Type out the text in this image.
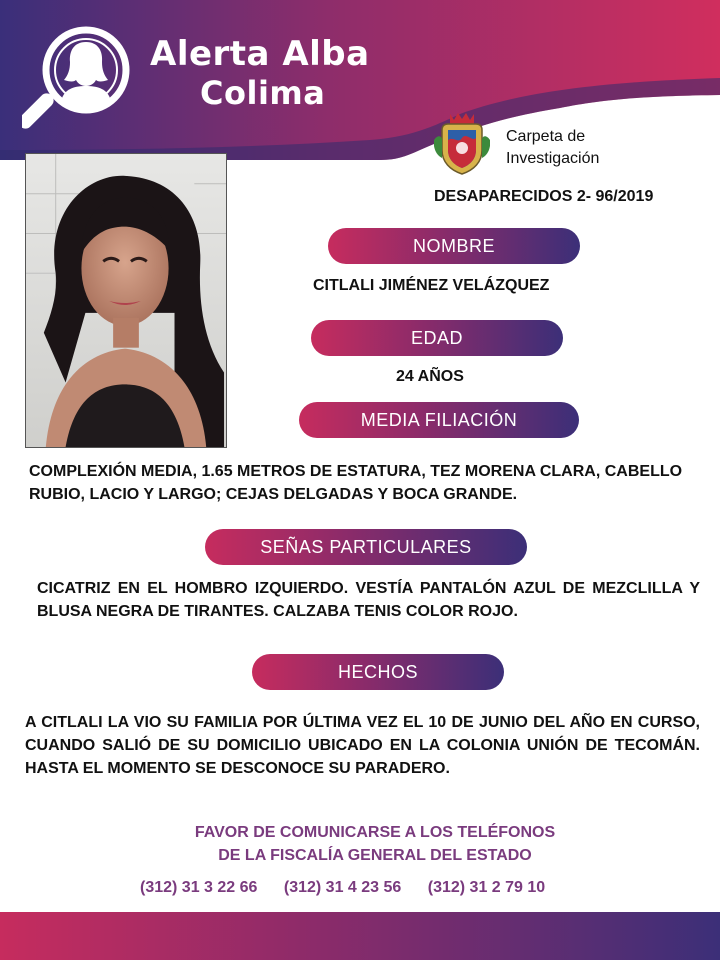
Alerta Alba
Colima
Carpeta de
Investigación
DESAPARECIDOS 2- 96/2019
NOMBRE
CITLALI JIMÉNEZ VELÁZQUEZ
EDAD
24 AÑOS
MEDIA FILIACIÓN
COMPLEXIÓN MEDIA, 1.65 METROS DE ESTATURA, TEZ MORENA CLARA, CABELLO RUBIO, LACIO Y LARGO; CEJAS DELGADAS Y BOCA GRANDE.
SEÑAS PARTICULARES
CICATRIZ EN EL HOMBRO IZQUIERDO. VESTÍA PANTALÓN AZUL DE MEZCLILLA Y BLUSA NEGRA DE TIRANTES. CALZABA TENIS COLOR ROJO.
HECHOS
A CITLALI LA VIO SU FAMILIA POR ÚLTIMA VEZ EL 10 DE JUNIO DEL AÑO EN CURSO, CUANDO SALIÓ DE SU DOMICILIO UBICADO EN LA COLONIA UNIÓN DE TECOMÁN. HASTA EL MOMENTO SE DESCONOCE SU PARADERO.
FAVOR DE COMUNICARSE A LOS TELÉFONOS
DE LA FISCALÍA GENERAL DEL ESTADO
(312) 31 3 22 66 (312) 31 4 23 56 (312) 31 2 79 10
